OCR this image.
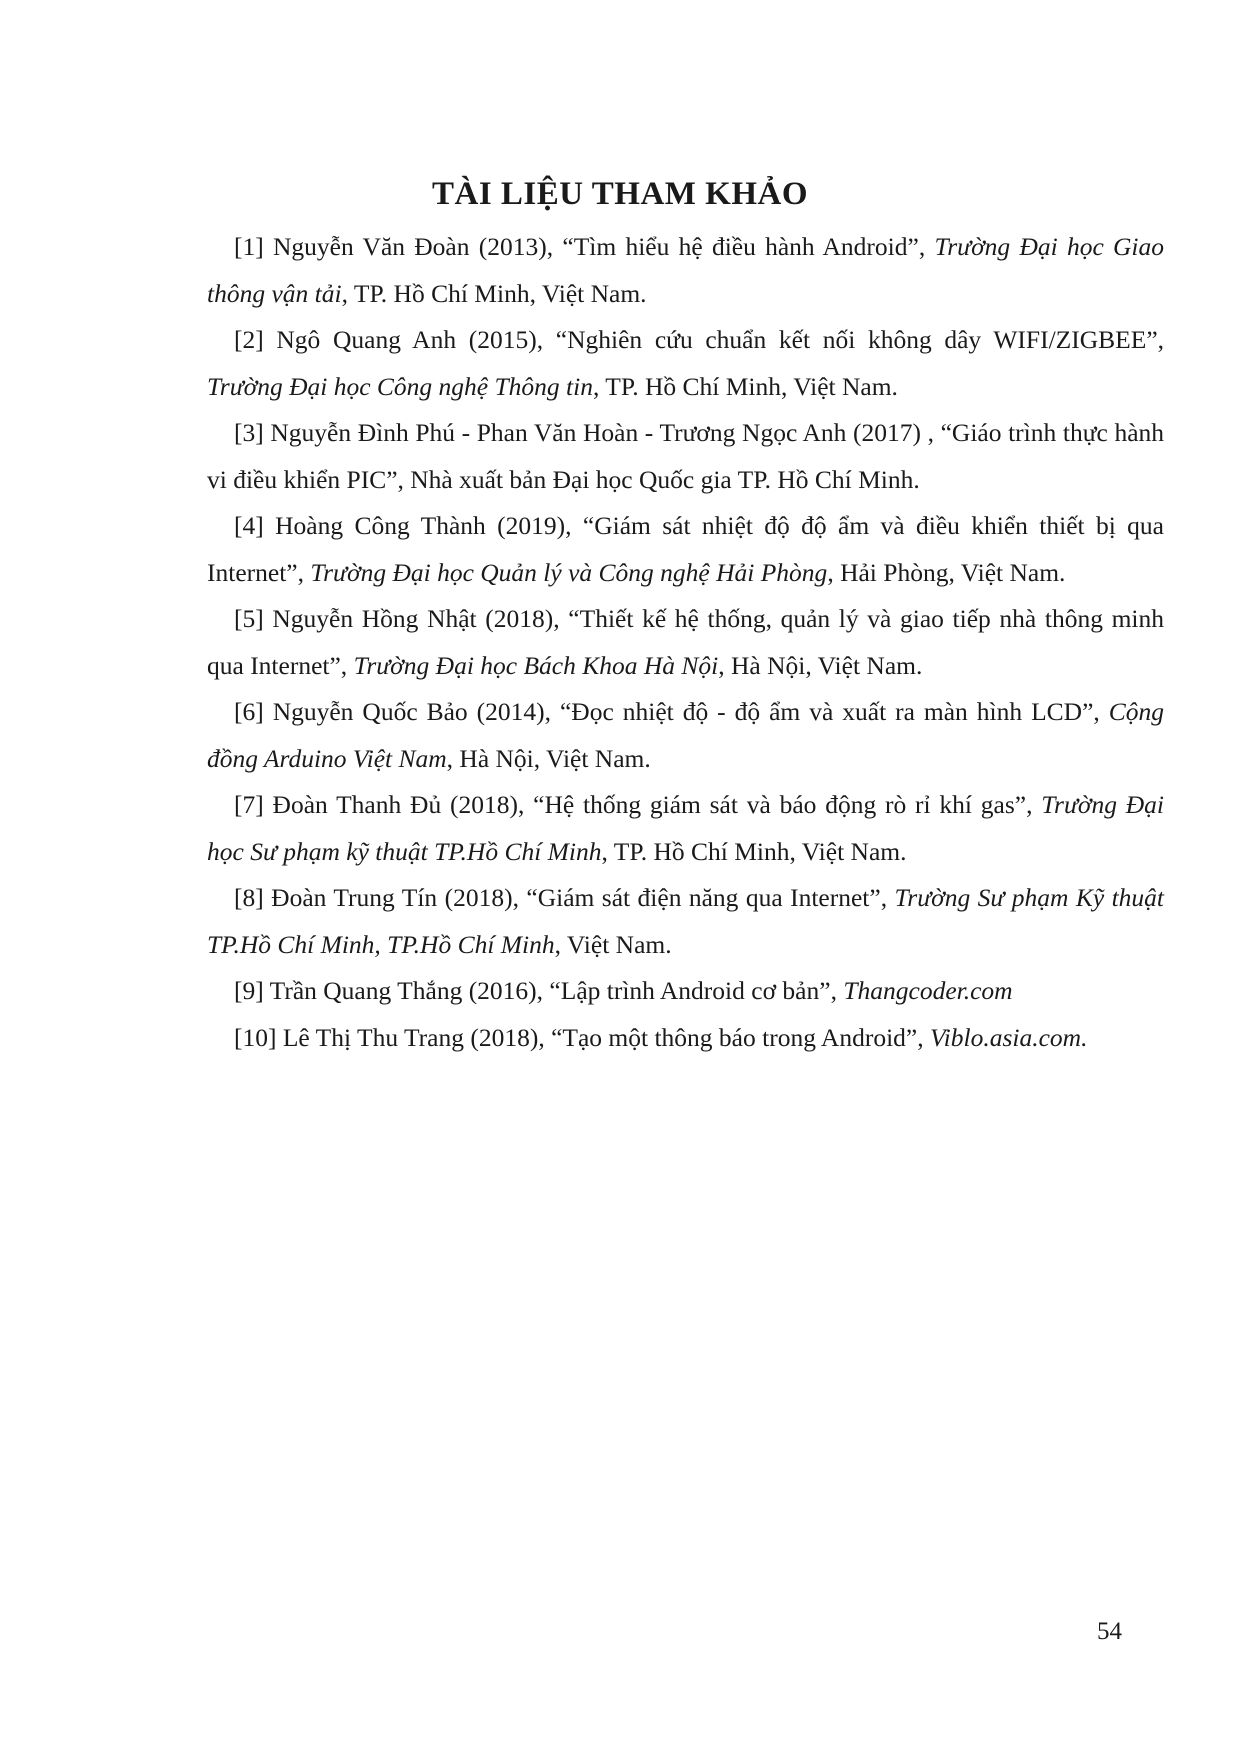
TÀI LIỆU THAM KHẢO

[1] Nguyễn Văn Đoàn (2013), “Tìm hiểu hệ điều hành Android”, Trường Đại học Giao thông vận tải, TP. Hồ Chí Minh, Việt Nam.

[2] Ngô Quang Anh (2015), “Nghiên cứu chuẩn kết nối không dây WIFI/ZIGBEE”, Trường Đại học Công nghệ Thông tin, TP. Hồ Chí Minh, Việt Nam.

[3] Nguyễn Đình Phú - Phan Văn Hoàn - Trương Ngọc Anh (2017) , “Giáo trình thực hành vi điều khiển PIC”, Nhà xuất bản Đại học Quốc gia TP. Hồ Chí Minh.

[4] Hoàng Công Thành (2019), “Giám sát nhiệt độ độ ẩm và điều khiển thiết bị qua Internet”, Trường Đại học Quản lý và Công nghệ Hải Phòng, Hải Phòng, Việt Nam.

[5] Nguyễn Hồng Nhật (2018), “Thiết kế hệ thống, quản lý và giao tiếp nhà thông minh qua Internet”, Trường Đại học Bách Khoa Hà Nội, Hà Nội, Việt Nam.

[6] Nguyễn Quốc Bảo (2014), “Đọc nhiệt độ - độ ẩm và xuất ra màn hình LCD”, Cộng đồng Arduino Việt Nam, Hà Nội, Việt Nam.

[7] Đoàn Thanh Đủ (2018), “Hệ thống giám sát và báo động rò rỉ khí gas”, Trường Đại học Sư phạm kỹ thuật TP.Hồ Chí Minh, TP. Hồ Chí Minh, Việt Nam.

[8] Đoàn Trung Tín (2018), “Giám sát điện năng qua Internet”, Trường Sư phạm Kỹ thuật TP.Hồ Chí Minh, TP.Hồ Chí Minh, Việt Nam.

[9] Trần Quang Thắng (2016), “Lập trình Android cơ bản”, Thangcoder.com

[10] Lê Thị Thu Trang (2018), “Tạo một thông báo trong Android”, Viblo.asia.com.

54
